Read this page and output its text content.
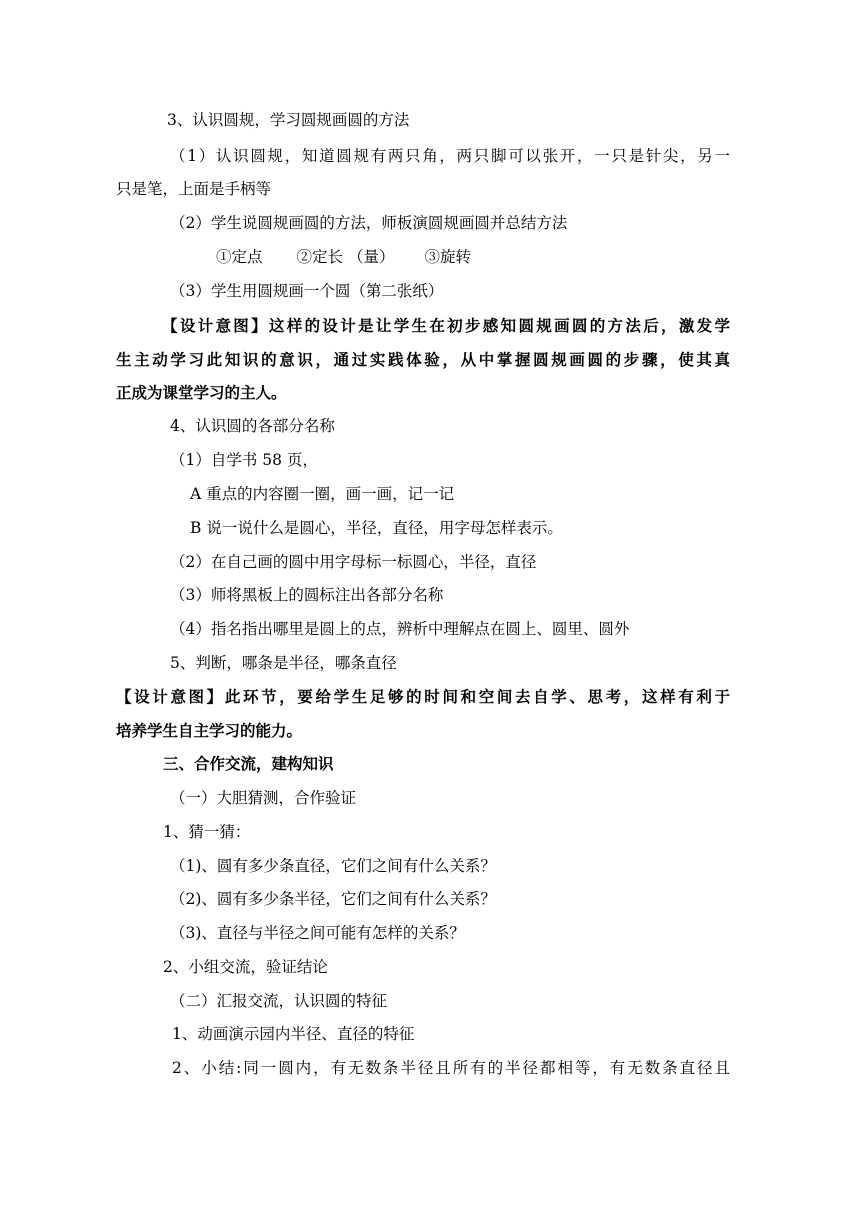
3、认识圆规，学习圆规画圆的方法

（1）认识圆规，知道圆规有两只角，两只脚可以张开，一只是针尖，另一

只是笔，上面是手柄等

（2）学生说圆规画圆的方法，师板演圆规画圆并总结方法

①定点 ②定长 （量） ③旋转

（3）学生用圆规画一个圆（第二张纸）

【设计意图】这样的设计是让学生在初步感知圆规画圆的方法后，激发学

生主动学习此知识的意识，通过实践体验，从中掌握圆规画圆的步骤，使其真

正成为课堂学习的主人。

4、认识圆的各部分名称

（1）自学书 58 页，

A 重点的内容圈一圈，画一画，记一记

B 说一说什么是圆心，半径，直径，用字母怎样表示。

（2）在自己画的圆中用字母标一标圆心，半径，直径

（3）师将黑板上的圆标注出各部分名称

（4）指名指出哪里是圆上的点，辨析中理解点在圆上、圆里、圆外

5、判断，哪条是半径，哪条直径

【设计意图】此环节，要给学生足够的时间和空间去自学、思考，这样有利于

培养学生自主学习的能力。

三、合作交流，建构知识

（一）大胆猜测，合作验证

1、猜一猜：

（1)、圆有多少条直径，它们之间有什么关系？

（2)、圆有多少条半径，它们之间有什么关系？

（3)、直径与半径之间可能有怎样的关系？

2、小组交流，验证结论

（二）汇报交流，认识圆的特征

1、动画演示园内半径、直径的特征

2、小结:同一圆内，有无数条半径且所有的半径都相等，有无数条直径且
